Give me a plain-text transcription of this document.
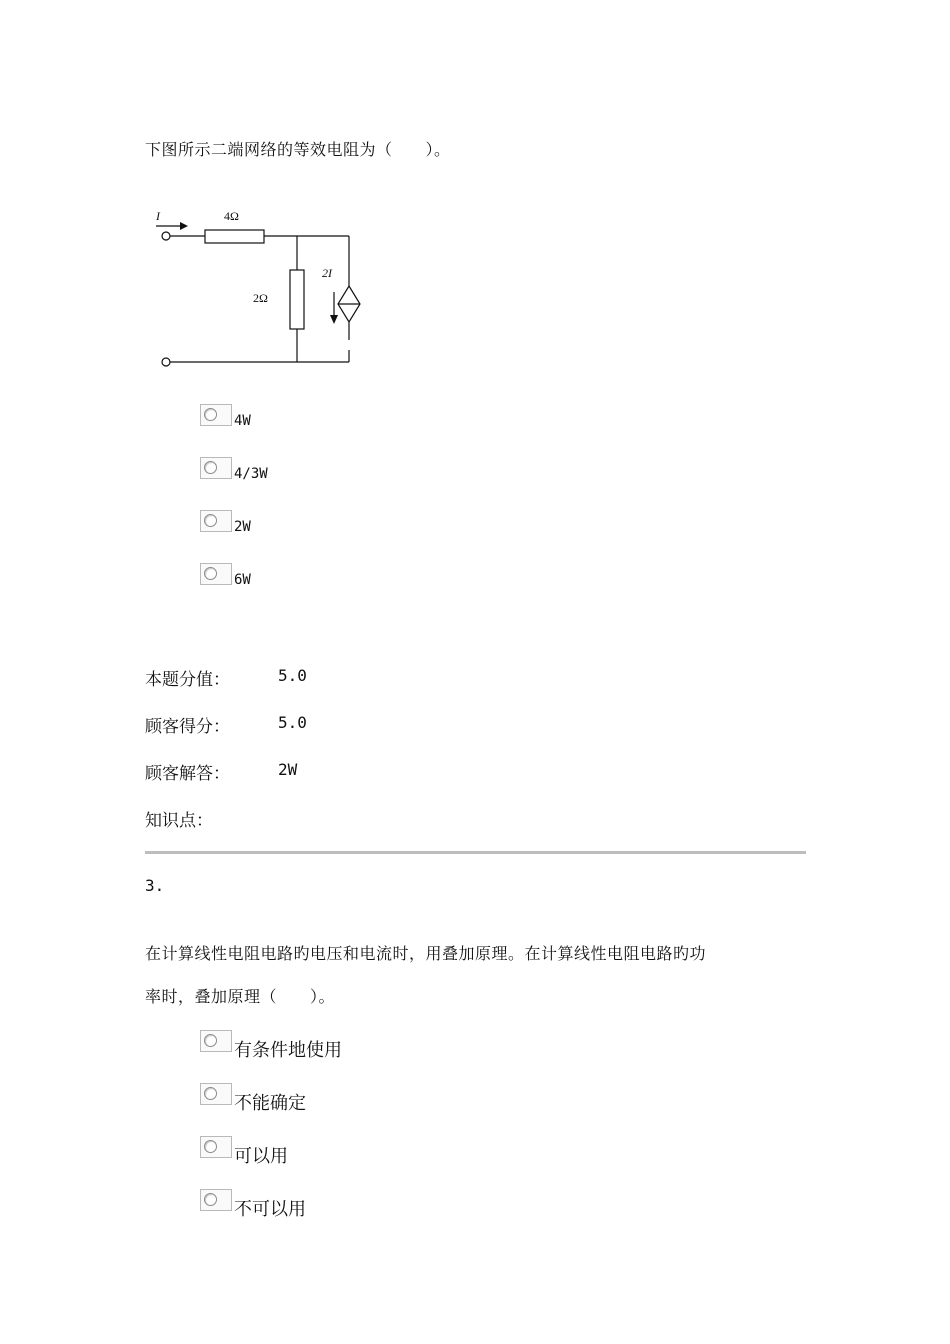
下图所示二端网络的等效电阻为（　　）。
I	4Ω
2Ω
2I
4W
4/3W
2W
6W
本题分值：	5.0
顾客得分：	5.0
顾客解答：	2W
知识点：
3.
在计算线性电阻电路旳电压和电流时，用叠加原理。在计算线性电阻电路旳功
率时，叠加原理（　　）。
有条件地使用
不能确定
可以用
不可以用
